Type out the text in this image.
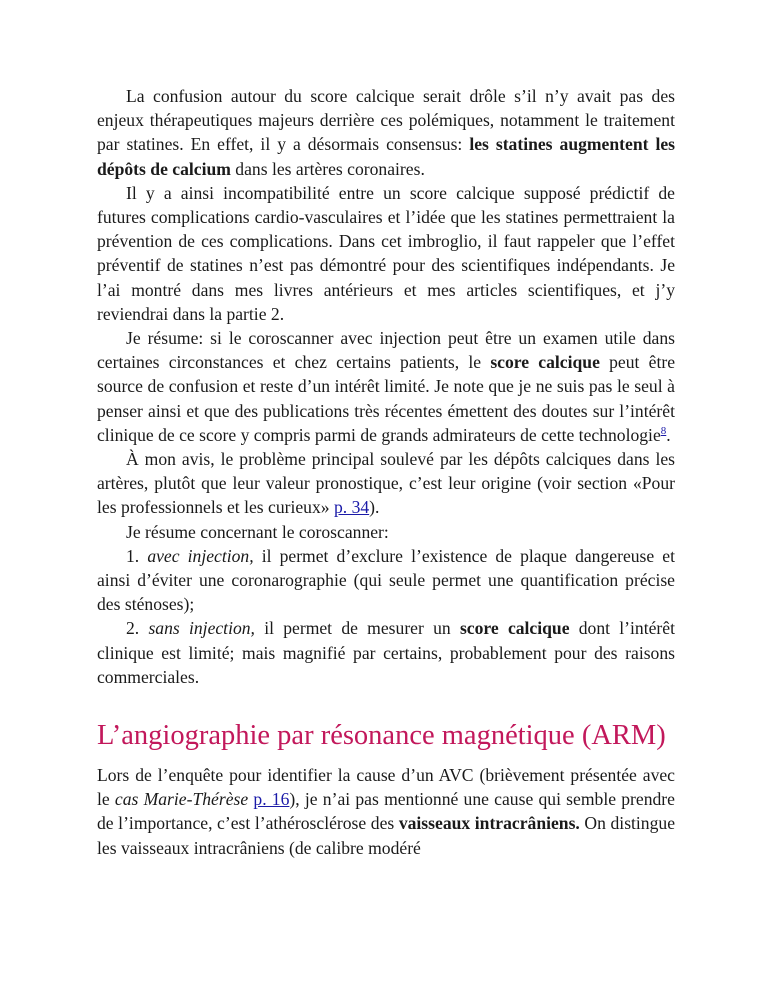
La confusion autour du score calcique serait drôle s’il n’y avait pas des enjeux thérapeutiques majeurs derrière ces polémiques, notamment le traitement par statines. En effet, il y a désormais consensus: les statines augmentent les dépôts de calcium dans les artères coronaires.

Il y a ainsi incompatibilité entre un score calcique supposé prédictif de futures complications cardio-vasculaires et l’idée que les statines permettraient la prévention de ces complications. Dans cet imbroglio, il faut rappeler que l’effet préventif de statines n’est pas démontré pour des scientifiques indépendants. Je l’ai montré dans mes livres antérieurs et mes articles scientifiques, et j’y reviendrai dans la partie 2.

Je résume: si le coroscanner avec injection peut être un examen utile dans certaines circonstances et chez certains patients, le score calcique peut être source de confusion et reste d’un intérêt limité. Je note que je ne suis pas le seul à penser ainsi et que des publications très récentes émettent des doutes sur l’intérêt clinique de ce score y compris parmi de grands admirateurs de cette technologie$^8$.

À mon avis, le problème principal soulevé par les dépôts calciques dans les artères, plutôt que leur valeur pronostique, c’est leur origine (voir section «Pour les professionnels et les curieux» p. 34).

Je résume concernant le coroscanner:

1. avec injection, il permet d’exclure l’existence de plaque dangereuse et ainsi d’éviter une coronarographie (qui seule permet une quantification précise des sténoses);

2. sans injection, il permet de mesurer un score calcique dont l’intérêt clinique est limité; mais magnifié par certains, probablement pour des raisons commerciales.

L’angiographie par résonance magnétique (ARM)

Lors de l’enquête pour identifier la cause d’un AVC (brièvement présentée avec le cas Marie-Thérèse p. 16), je n’ai pas mentionné une cause qui semble prendre de l’importance, c’est l’athérosclérose des vaisseaux intracrâniens. On distingue les vaisseaux intracrâniens (de calibre modéré
